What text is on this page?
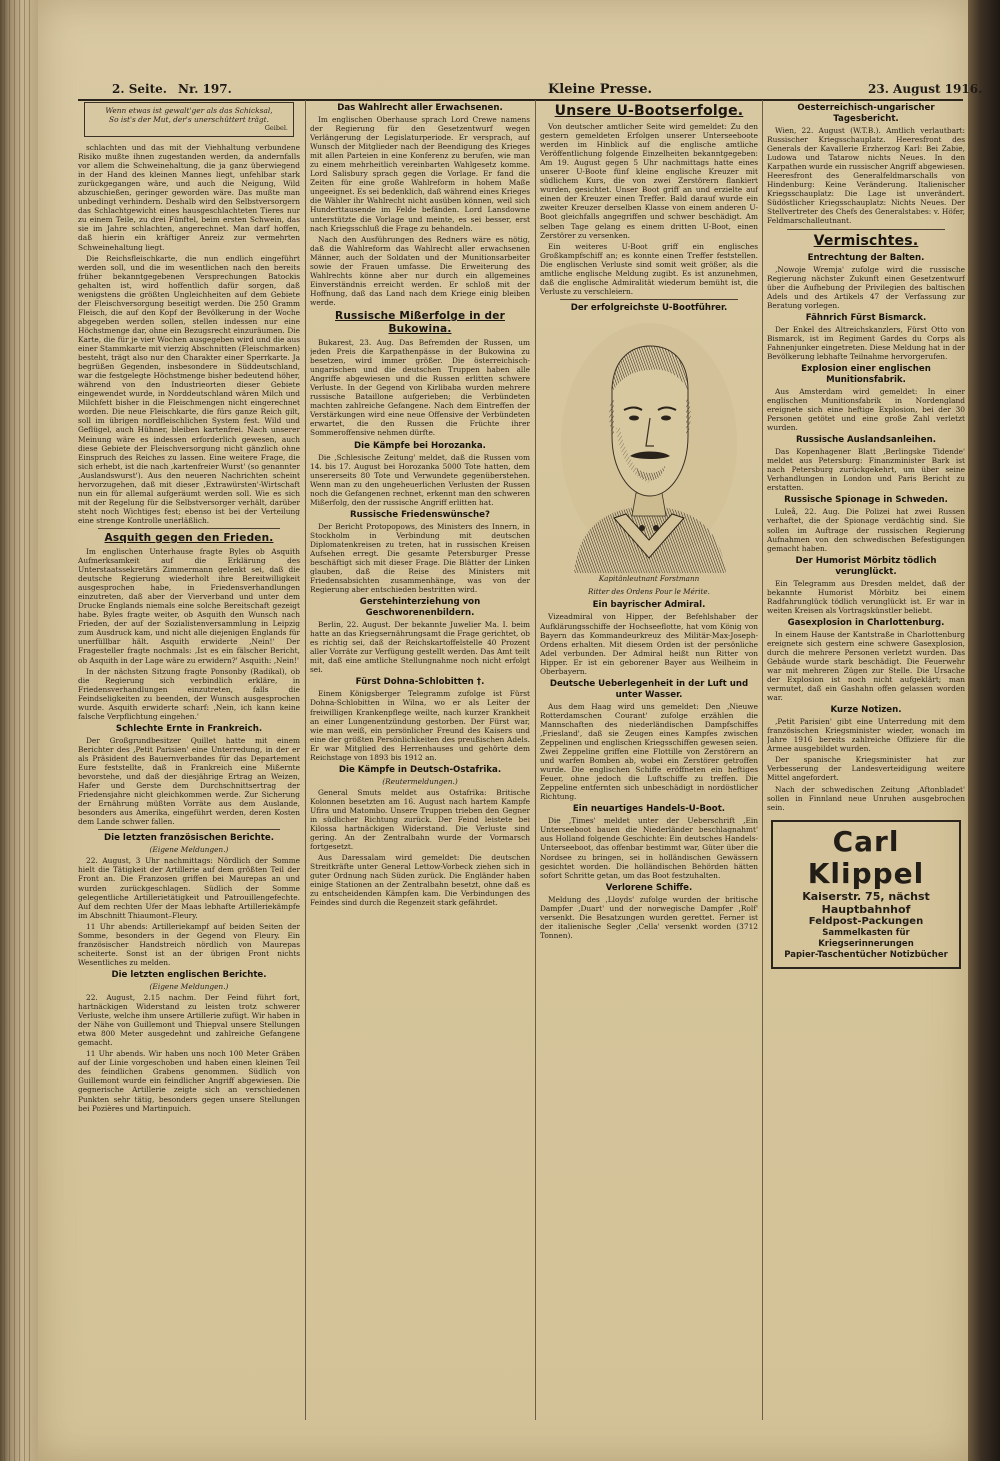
2. Seite. Nr. 197.	Kleine Presse.	23. August 1916.
Wenn etwas ist gewalt'ger als das Schicksal,
So ist's der Mut, der's unerschüttert trägt.
Geibel.

schlachten und das mit der Viehhaltung verbundene Risiko mußte ihnen zugestanden werden, da andernfalls vor allem die Schweinehaltung, die ja ganz überwiegend in der Hand des kleinen Mannes liegt, unfehlbar stark zurückgegangen wäre, und auch die Neigung, Wild abzuschießen, geringer geworden wäre. Das mußte man unbedingt verhindern. Deshalb wird den Selbstversorgern das Schlachtgewicht eines hausgeschlachteten Tieres nur zu einem Teile, zu drei Fünftel, beim ersten Schwein, das sie im Jahre schlachten, angerechnet. Man darf hoffen, daß hierin ein kräftiger Anreiz zur vermehrten Schweinehaltung liegt.

Die Reichsfleischkarte, die nun endlich eingeführt werden soll, und die im wesentlichen nach den bereits früher bekanntgegebenen Versprechungen Batockis gehalten ist, wird hoffentlich dafür sorgen, daß wenigstens die größten Ungleichheiten auf dem Gebiete der Fleischversorgung beseitigt werden. Die 250 Gramm Fleisch, die auf den Kopf der Bevölkerung in der Woche abgegeben werden sollen, stellen indessen nur eine Höchstmenge dar, ohne ein Bezugsrecht einzuräumen. Die Karte, die für je vier Wochen ausgegeben wird und die aus einer Stammkarte mit vierzig Abschnitten (Fleischmarken) besteht, trägt also nur den Charakter einer Sperrkarte. Ja begrüßen Gegenden, insbesondere in Süddeutschland, war die festgelegte Höchstmenge bisher bedeutend höher, während von den Industrieorten dieser Gebiete eingewendet wurde, in Norddeutschland wären Milch und Milchfett bisher in die Fleischmengen nicht eingerechnet worden. Die neue Fleischkarte, die fürs ganze Reich gilt, soll im übrigen nordfleischlichen System fest. Wild und Geflügel, auch Hühner, bleiben kartenfrei. Nach unserer Meinung wäre es indessen erforderlich gewesen, auch diese Gebiete der Fleischversorgung nicht gänzlich ohne Einspruch des Reiches zu lassen. Eine weitere Frage, die sich erhebt, ist die nach ‚kartenfreier Wurst' (so genannter ‚Auslandswurst'). Aus den neueren Nachrichten scheint hervorzugehen, daß mit dieser ‚Extrawürsten'-Wirtschaft nun ein für allemal aufgeräumt werden soll. Wie es sich mit der Regelung für die Selbstversorger verhält, darüber steht noch Wichtiges fest; ebenso ist bei der Verteilung eine strenge Kontrolle unerläßlich.

Asquith gegen den Frieden.

Im englischen Unterhause fragte Byles ob Asquith Aufmerksamkeit auf die Erklärung des Unterstaatssekretärs Zimmermann gelenkt sei, daß die deutsche Regierung wiederholt ihre Bereitwilligkeit ausgesprochen habe, in Friedensverhandlungen einzutreten, daß aber der Vierverband und unter dem Drucke Englands niemals eine solche Bereitschaft gezeigt habe. Byles fragte weiter, ob Asquith den Wunsch nach Frieden, der auf der Sozialistenversammlung in Leipzig zum Ausdruck kam, und nicht alle diejenigen Englands für unerfüllbar hält. Asquith erwiderte ‚Nein!' Der Fragesteller fragte nochmals: ‚Ist es ein fälscher Bericht, ob Asquith in der Lage wäre zu erwidern?' Asquith: ‚Nein!'

In der nächsten Sitzung fragte Ponsonby (Radikal), ob die Regierung sich verbindlich erkläre, in Friedensverhandlungen einzutreten, falls die Feindseligkeiten zu beenden, der Wunsch ausgesprochen wurde. Asquith erwiderte scharf: ‚Nein, ich kann keine falsche Verpflichtung eingehen.'

Schlechte Ernte in Frankreich.

Der Großgrundbesitzer Quillet hatte mit einem Berichter des ‚Petit Parisien' eine Unterredung, in der er als Präsident des Bauernverbandes für das Departement Eure feststellte, daß in Frankreich eine Mißernte bevorstehe, und daß der diesjährige Ertrag an Weizen, Hafer und Gerste dem Durchschnittsertrag der Friedensjahre nicht gleichkommen werde. Zur Sicherung der Ernährung müßten Vorräte aus dem Auslande, besonders aus Amerika, eingeführt werden, deren Kosten dem Lande schwer fallen.

Die letzten französischen Berichte.
(Eigene Meldungen.)

22. August, 3 Uhr nachmittags: Nördlich der Somme hielt die Tätigkeit der Artillerie auf dem größten Teil der Front an. Die Franzosen griffen bei Maurepas an und wurden zurückgeschlagen. Südlich der Somme gelegentliche Artillerietätigkeit und Patrouillengefechte. Auf dem rechten Ufer der Maas lebhafte Artilleriekämpfe im Abschnitt Thiaumont–Fleury.

11 Uhr abends: Artilleriekampf auf beiden Seiten der Somme, besonders in der Gegend von Fleury. Ein französischer Handstreich nördlich von Maurepas scheiterte. Sonst ist an der übrigen Front nichts Wesentliches zu melden.

Die letzten englischen Berichte.
(Eigene Meldungen.)

22. August, 2.15 nachm. Der Feind führt fort, hartnäckigen Widerstand zu leisten trotz schwerer Verluste, welche ihm unsere Artillerie zufügt. Wir haben in der Nähe von Guillemont und Thiepval unsere Stellungen etwa 800 Meter ausgedehnt und zahlreiche Gefangene gemacht.

11 Uhr abends. Wir haben uns noch 100 Meter Gräben auf der Linie vorgeschoben und haben einen kleinen Teil des feindlichen Grabens genommen. Südlich von Guillemont wurde ein feindlicher Angriff abgewiesen. Die gegnerische Artillerie zeigte sich an verschiedenen Punkten sehr tätig, besonders gegen unsere Stellungen bei Pozières und Martinpuich.

Das Wahlrecht aller Erwachsenen.

Im englischen Oberhause sprach Lord Crewe namens der Regierung für den Gesetzentwurf wegen Verlängerung der Legislaturperiode. Er versprach, auf Wunsch der Mitglieder nach der Beendigung des Krieges mit allen Parteien in eine Konferenz zu berufen, wie man zu einem mehrheitlich vereinbarten Wahlgesetz komme. Lord Salisbury sprach gegen die Vorlage. Er fand die Zeiten für eine große Wahlreform in hohem Maße ungeeignet. Es sei bedenklich, daß während eines Krieges die Wähler ihr Wahlrecht nicht ausüben können, weil sich Hunderttausende im Felde befänden. Lord Lansdowne unterstützte die Vorlage und meinte, es sei besser, erst nach Kriegsschluß die Frage zu behandeln.

Nach den Ausführungen des Redners wäre es nötig, daß die Wahlreform das Wahlrecht aller erwachsenen Männer, auch der Soldaten und der Munitionsarbeiter sowie der Frauen umfasse. Die Erweiterung des Wahlrechts könne aber nur durch ein allgemeines Einverständnis erreicht werden. Er schloß mit der Hoffnung, daß das Land nach dem Kriege einig bleiben werde.

Russische Mißerfolge in der Bukowina.

Bukarest, 23. Aug. Das Befremden der Russen, um jeden Preis die Karpathenpässe in der Bukowina zu besetzen, wird immer größer. Die österreichisch-ungarischen und die deutschen Truppen haben alle Angriffe abgewiesen und die Russen erlitten schwere Verluste. In der Gegend von Kirlibaba wurden mehrere russische Bataillone aufgerieben; die Verbündeten machten zahlreiche Gefangene. Nach dem Eintreffen der Verstärkungen wird eine neue Offensive der Verbündeten erwartet, die den Russen die Früchte ihrer Sommeroffensive nehmen dürfte.

Die Kämpfe bei Horozanka.

Die ‚Schlesische Zeitung' meldet, daß die Russen vom 14. bis 17. August bei Horozanka 5000 Tote hatten, dem unsererseits 80 Tote und Verwundete gegenüberstehen. Wenn man zu den ungeheuerlichen Verlusten der Russen noch die Gefangenen rechnet, erkennt man den schweren Mißerfolg, den der russische Angriff erlitten hat.

Russische Friedenswünsche?

Der Bericht Protopopows, des Ministers des Innern, in Stockholm in Verbindung mit deutschen Diplomatenkreisen zu treten, hat in russischen Kreisen Aufsehen erregt. Die gesamte Petersburger Presse beschäftigt sich mit dieser Frage. Die Blätter der Linken glauben, daß die Reise des Ministers mit Friedensabsichten zusammenhänge, was von der Regierung aber entschieden bestritten wird.

Gerstehinterziehung von Geschworenenbildern.

Berlin, 22. August. Der bekannte Juwelier Ma. I. beim hatte an das Kriegsernährungsamt die Frage gerichtet, ob es richtig sei, daß der Reichskartoffelstelle 40 Prozent aller Vorräte zur Verfügung gestellt werden. Das Amt teilt mit, daß eine amtliche Stellungnahme noch nicht erfolgt sei.

Fürst Dohna-Schlobitten †.

Einem Königsberger Telegramm zufolge ist Fürst Dohna-Schlobitten in Wilna, wo er als Leiter der freiwilligen Krankenpflege weilte, nach kurzer Krankheit an einer Lungenentzündung gestorben. Der Fürst war, wie man weiß, ein persönlicher Freund des Kaisers und eine der größten Persönlichkeiten des preußischen Adels. Er war Mitglied des Herrenhauses und gehörte dem Reichstage von 1893 bis 1912 an.

Die Kämpfe in Deutsch-Ostafrika.
(Reutermeldungen.)

General Smuts meldet aus Ostafrika: Britische Kolonnen besetzten am 16. August nach hartem Kampfe Ufira und Matombo. Unsere Truppen trieben den Gegner in südlicher Richtung zurück. Der Feind leistete bei Kilossa hartnäckigen Widerstand. Die Verluste sind gering. An der Zentralbahn wurde der Vormarsch fortgesetzt.

Aus Daressalam wird gemeldet: Die deutschen Streitkräfte unter General Lettow-Vorbeck ziehen sich in guter Ordnung nach Süden zurück. Die Engländer haben einige Stationen an der Zentralbahn besetzt, ohne daß es zu entscheidenden Kämpfen kam. Die Verbindungen des Feindes sind durch die Regenzeit stark gefährdet.

Unsere U-Bootserfolge.

Von deutscher amtlicher Seite wird gemeldet: Zu den gestern gemeldeten Erfolgen unserer Unterseeboote werden im Hinblick auf die englische amtliche Veröffentlichung folgende Einzelheiten bekanntgegeben: Am 19. August gegen 5 Uhr nachmittags hatte eines unserer U-Boote fünf kleine englische Kreuzer mit südlichem Kurs, die von zwei Zerstörern flankiert wurden, gesichtet. Unser Boot griff an und erzielte auf einen der Kreuzer einen Treffer. Bald darauf wurde ein zweiter Kreuzer derselben Klasse von einem anderen U-Boot gleichfalls angegriffen und schwer beschädigt. Am selben Tage gelang es einem dritten U-Boot, einen Zerstörer zu versenken.

Ein weiteres U-Boot griff ein englisches Großkampfschiff an; es konnte einen Treffer feststellen. Die englischen Verluste sind somit weit größer, als die amtliche englische Meldung zugibt. Es ist anzunehmen, daß die englische Admiralität wiederum bemüht ist, die Verluste zu verschleiern.

Der erfolgreichste U-Bootführer.
Kapitänleutnant Forstmann
Ritter des Ordens Pour le Mérite.
Ein bayrischer Admiral.

Vizeadmiral von Hipper, der Befehlshaber der Aufklärungsschiffe der Hochseeflotte, hat vom König von Bayern das Kommandeurkreuz des Militär-Max-Joseph-Ordens erhalten. Mit diesem Orden ist der persönliche Adel verbunden. Der Admiral heißt nun Ritter von Hipper. Er ist ein geborener Bayer aus Weilheim in Oberbayern.

Deutsche Ueberlegenheit in der Luft und unter Wasser.

Aus dem Haag wird uns gemeldet: Den ‚Nieuwe Rotterdamschen Courant' zufolge erzählen die Mannschaften des niederländischen Dampfschiffes ‚Friesland', daß sie Zeugen eines Kampfes zwischen Zeppelinen und englischen Kriegsschiffen gewesen seien. Zwei Zeppeline griffen eine Flottille von Zerstörern an und warfen Bomben ab, wobei ein Zerstörer getroffen wurde. Die englischen Schiffe eröffneten ein heftiges Feuer, ohne jedoch die Luftschiffe zu treffen. Die Zeppeline entfernten sich unbeschädigt in nordöstlicher Richtung.

Ein neuartiges Handels-U-Boot.

Die ‚Times' meldet unter der Ueberschrift ‚Ein Unterseeboot bauen die Niederländer beschlagnahmt' aus Holland folgende Geschichte: Ein deutsches Handels-Unterseeboot, das offenbar bestimmt war, Güter über die Nordsee zu bringen, sei in holländischen Gewässern gesichtet worden. Die holländischen Behörden hätten sofort Schritte getan, um das Boot festzuhalten.

Verlorene Schiffe.

Meldung des ‚Lloyds' zufolge wurden der britische Dampfer ‚Duart' und der norwegische Dampfer ‚Rolf' versenkt. Die Besatzungen wurden gerettet. Ferner ist der italienische Segler ‚Cella' versenkt worden (3712 Tonnen).

Oesterreichisch-ungarischer Tagesbericht.

Wien, 22. August (W.T.B.). Amtlich verlautbart: Russischer Kriegsschauplatz. Heeresfront des Generals der Kavallerie Erzherzog Karl: Bei Zabie, Ludowa und Tatarow nichts Neues. In den Karpathen wurde ein russischer Angriff abgewiesen. Heeresfront des Generalfeldmarschalls von Hindenburg: Keine Veränderung. Italienischer Kriegsschauplatz: Die Lage ist unverändert. Südöstlicher Kriegsschauplatz: Nichts Neues. Der Stellvertreter des Chefs des Generalstabes: v. Höfer, Feldmarschalleutnant.

Vermischtes.
Entrechtung der Balten.

‚Nowoje Wremja' zufolge wird die russische Regierung nächster Zukunft einen Gesetzentwurf über die Aufhebung der Privilegien des baltischen Adels und des Artikels 47 der Verfassung zur Beratung vorlegen.

Fähnrich Fürst Bismarck.

Der Enkel des Altreichskanzlers, Fürst Otto von Bismarck, ist im Regiment Gardes du Corps als Fahnenjunker eingetreten. Diese Meldung hat in der Bevölkerung lebhafte Teilnahme hervorgerufen.

Explosion einer englischen Munitionsfabrik.

Aus Amsterdam wird gemeldet: In einer englischen Munitionsfabrik in Nordengland ereignete sich eine heftige Explosion, bei der 30 Personen getötet und eine große Zahl verletzt wurden.

Russische Auslandsanleihen.

Das Kopenhagener Blatt ‚Berlingske Tidende' meldet aus Petersburg: Finanzminister Bark ist nach Petersburg zurückgekehrt, um über seine Verhandlungen in London und Paris Bericht zu erstatten.

Russische Spionage in Schweden.

Luleå, 22. Aug. Die Polizei hat zwei Russen verhaftet, die der Spionage verdächtig sind. Sie sollen im Auftrage der russischen Regierung Aufnahmen von den schwedischen Befestigungen gemacht haben.

Der Humorist Mörbitz tödlich verunglückt.

Ein Telegramm aus Dresden meldet, daß der bekannte Humorist Mörbitz bei einem Radfahrunglück tödlich verunglückt ist. Er war in weiten Kreisen als Vortragskünstler beliebt.

Gasexplosion in Charlottenburg.

In einem Hause der Kantstraße in Charlottenburg ereignete sich gestern eine schwere Gasexplosion, durch die mehrere Personen verletzt wurden. Das Gebäude wurde stark beschädigt. Die Feuerwehr war mit mehreren Zügen zur Stelle. Die Ursache der Explosion ist noch nicht aufgeklärt; man vermutet, daß ein Gashahn offen gelassen worden war.

Kurze Notizen.

‚Petit Parisien' gibt eine Unterredung mit dem französischen Kriegsminister wieder, wonach im Jahre 1916 bereits zahlreiche Offiziere für die Armee ausgebildet wurden.

Der spanische Kriegsminister hat zur Verbesserung der Landesverteidigung weitere Mittel angefordert.

Nach der schwedischen Zeitung ‚Aftonbladet' sollen in Finnland neue Unruhen ausgebrochen sein.

Carl Klippel
Kaiserstr. 75, nächst Hauptbahnhof
Feldpost-Packungen
Sammelkasten für Kriegserinnerungen
Papier-Taschentücher Notizbücher
